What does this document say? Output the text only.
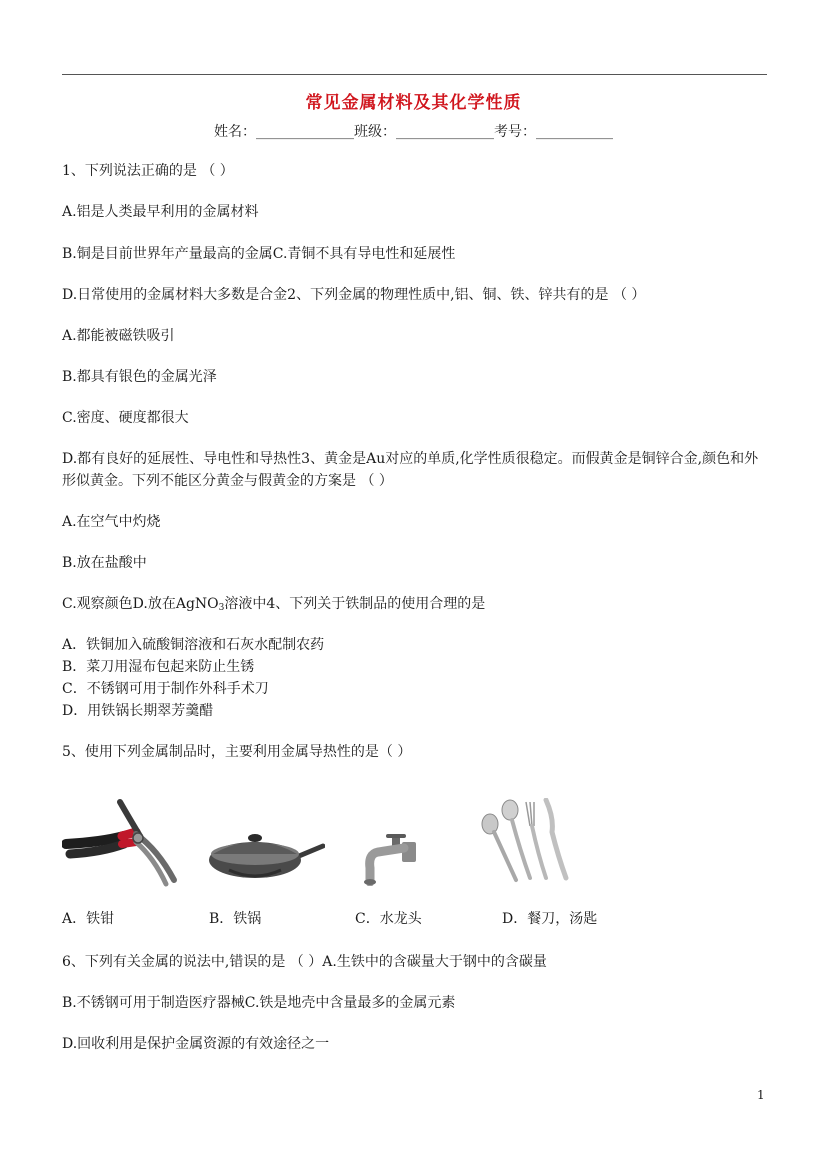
常见金属材料及其化学性质
姓名：______________班级：______________考号：___________
1、下列说法正确的是 （ ）
A.铝是人类最早利用的金属材料
B.铜是目前世界年产量最高的金属C.青铜不具有导电性和延展性
D.日常使用的金属材料大多数是合金2、下列金属的物理性质中,铝、铜、铁、锌共有的是 （ ）
A.都能被磁铁吸引
B.都具有银色的金属光泽
C.密度、硬度都很大
D.都有良好的延展性、导电性和导热性3、黄金是Au对应的单质,化学性质很稳定。而假黄金是铜锌合金,颜色和外形似黄金。下列不能区分黄金与假黄金的方案是 （ ）
A.在空气中灼烧
B.放在盐酸中
C.观察颜色D.放在AgNO$_3$溶液中4、下列关于铁制品的使用合理的是
A．铁铜加入硫酸铜溶液和石灰水配制农药
B．菜刀用湿布包起来防止生锈
C．不锈钢可用于制作外科手术刀
D．用铁锅长期翠芳羹醋
5、使用下列金属制品时，主要利用金属导热性的是（ ）
A．铁钳	B．铁锅	C．水龙头	D．餐刀，汤匙
6、下列有关金属的说法中,错误的是 （ ）A.生铁中的含碳量大于钢中的含碳量
B.不锈钢可用于制造医疗器械C.铁是地壳中含量最多的金属元素
D.回收利用是保护金属资源的有效途径之一
1
